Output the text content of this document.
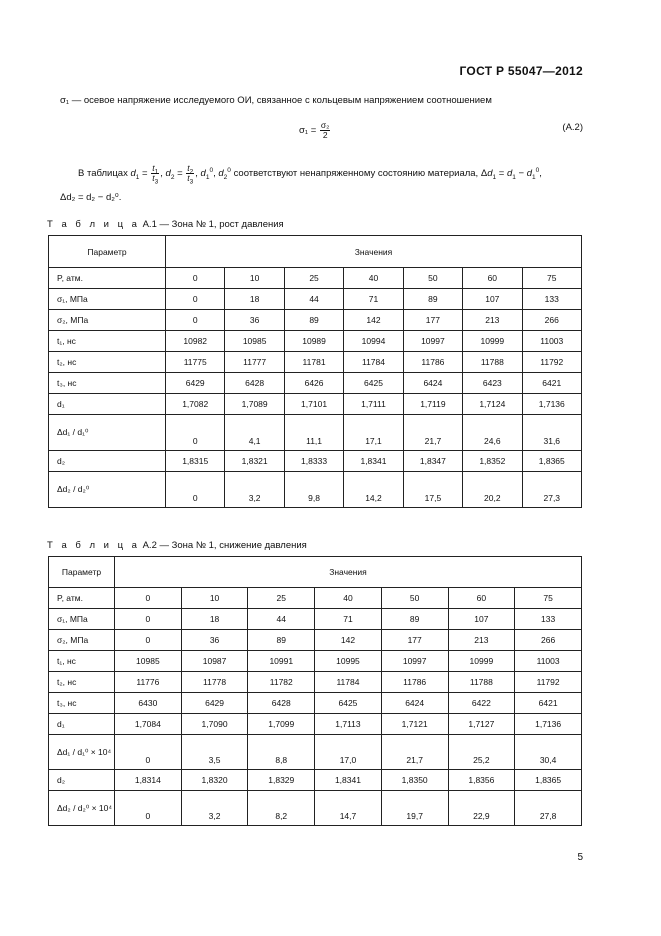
ГОСТ Р 55047—2012
σ₁ — осевое напряжение исследуемого ОИ, связанное с кольцевым напряжением соотношением
$\sigma_1 = \frac{\text{σ₂}}{2}$	(A.2)
В таблицах $d_1 = \frac{t_1}{t_3}$ , $d_2 = \frac{t_2}{t_3}$ , $d_1^0$, $d_2^0$ соответствуют ненапряженному состоянию материала, $\Delta d_1 = d_1 - d_1^0$,
Δd₂ = d₂ − d₂⁰.
Т а б л и ц а А.1 — Зона № 1, рост давления
Параметр	Значения						
P, атм.	0	10	25	40	50	60	75
σ₁, МПа	0	18	44	71	89	107	133
σ₂, МПа	0	36	89	142	177	213	266
t₁, нс	10982	10985	10989	10994	10997	10999	11003
t₂, нс	11775	11777	11781	11784	11786	11788	11792
t₃, нс	6429	6428	6426	6425	6424	6423	6421
d₁	1,7082	1,7089	1,7101	1,7111	1,7119	1,7124	1,7136
Δd₁ / d₁⁰	0	4,1	11,1	17,1	21,7	24,6	31,6
d₂	1,8315	1,8321	1,8333	1,8341	1,8347	1,8352	1,8365
Δd₂ / d₂⁰	0	3,2	9,8	14,2	17,5	20,2	27,3
Т а б л и ц а А.2 — Зона № 1, снижение давления
Параметр	Значения						
P, атм.	0	10	25	40	50	60	75
σ₁, МПа	0	18	44	71	89	107	133
σ₂, МПа	0	36	89	142	177	213	266
t₁, нс	10985	10987	10991	10995	10997	10999	11003
t₂, нс	11776	11778	11782	11784	11786	11788	11792
t₃, нс	6430	6429	6428	6425	6424	6422	6421
d₁	1,7084	1,7090	1,7099	1,7113	1,7121	1,7127	1,7136
Δd₁ / d₁⁰ × 10⁴	0	3,5	8,8	17,0	21,7	25,2	30,4
d₂	1,8314	1,8320	1,8329	1,8341	1,8350	1,8356	1,8365
Δd₂ / d₂⁰ × 10⁴	0	3,2	8,2	14,7	19,7	22,9	27,8
5
